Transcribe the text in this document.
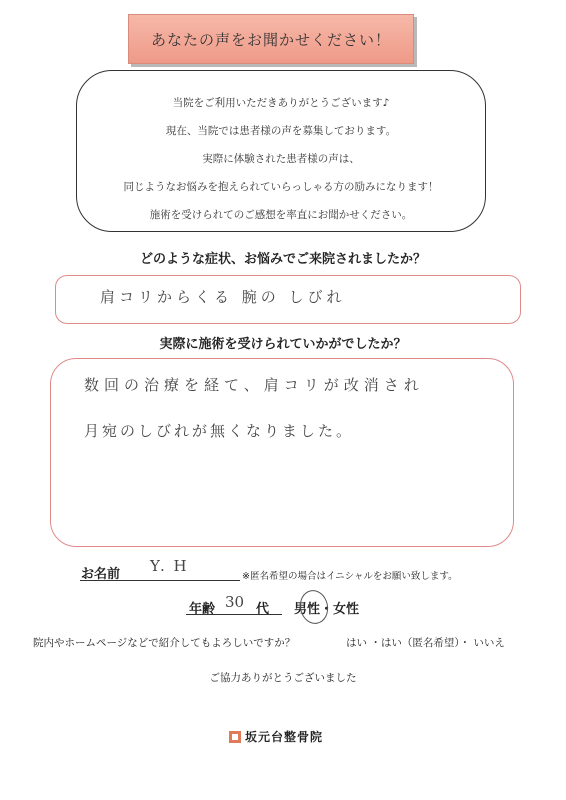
あなたの声をお聞かせください！
当院をご利用いただきありがとうございます♪
現在、当院では患者様の声を募集しております。
実際に体験された患者様の声は、
同じようなお悩みを抱えられていらっしゃる方の励みになります！
施術を受けられてのご感想を率直にお聞かせください。
どのような症状、お悩みでご来院されましたか？
肩コリからくる 腕の しびれ
実際に施術を受けられていかがでしたか？
数回の治療を経て、肩コリが改消され
月宛のしびれが無くなりました。
お名前 Y. H
※匿名希望の場合はイニシャルをお願い致します。
年齢 30 代 男性・女性
院内やホームページなどで紹介してもよろしいですか？	はい ・はい（匿名希望）・ いいえ
ご協力ありがとうございました
坂元台整骨院
